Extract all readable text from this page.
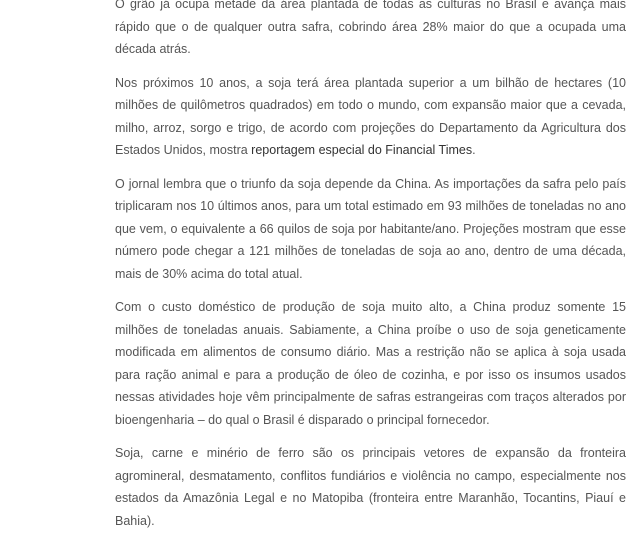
O grão já ocupa metade da área plantada de todas as culturas no Brasil e avança mais rápido que o de qualquer outra safra, cobrindo área 28% maior do que a ocupada uma década atrás.

Nos próximos 10 anos, a soja terá área plantada superior a um bilhão de hectares (10 milhões de quilômetros quadrados) em todo o mundo, com expansão maior que a cevada, milho, arroz, sorgo e trigo, de acordo com projeções do Departamento da Agricultura dos Estados Unidos, mostra reportagem especial do Financial Times.

O jornal lembra que o triunfo da soja depende da China. As importações da safra pelo país triplicaram nos 10 últimos anos, para um total estimado em 93 milhões de toneladas no ano que vem, o equivalente a 66 quilos de soja por habitante/ano. Projeções mostram que esse número pode chegar a 121 milhões de toneladas de soja ao ano, dentro de uma década, mais de 30% acima do total atual.

Com o custo doméstico de produção de soja muito alto, a China produz somente 15 milhões de toneladas anuais. Sabiamente, a China proíbe o uso de soja geneticamente modificada em alimentos de consumo diário. Mas a restrição não se aplica à soja usada para ração animal e para a produção de óleo de cozinha, e por isso os insumos usados nessas atividades hoje vêm principalmente de safras estrangeiras com traços alterados por bioengenharia – do qual o Brasil é disparado o principal fornecedor.

Soja, carne e minério de ferro são os principais vetores de expansão da fronteira agromineral, desmatamento, conflitos fundiários e violência no campo, especialmente nos estados da Amazônia Legal e no Matopiba (fronteira entre Maranhão, Tocantins, Piauí e Bahia).
